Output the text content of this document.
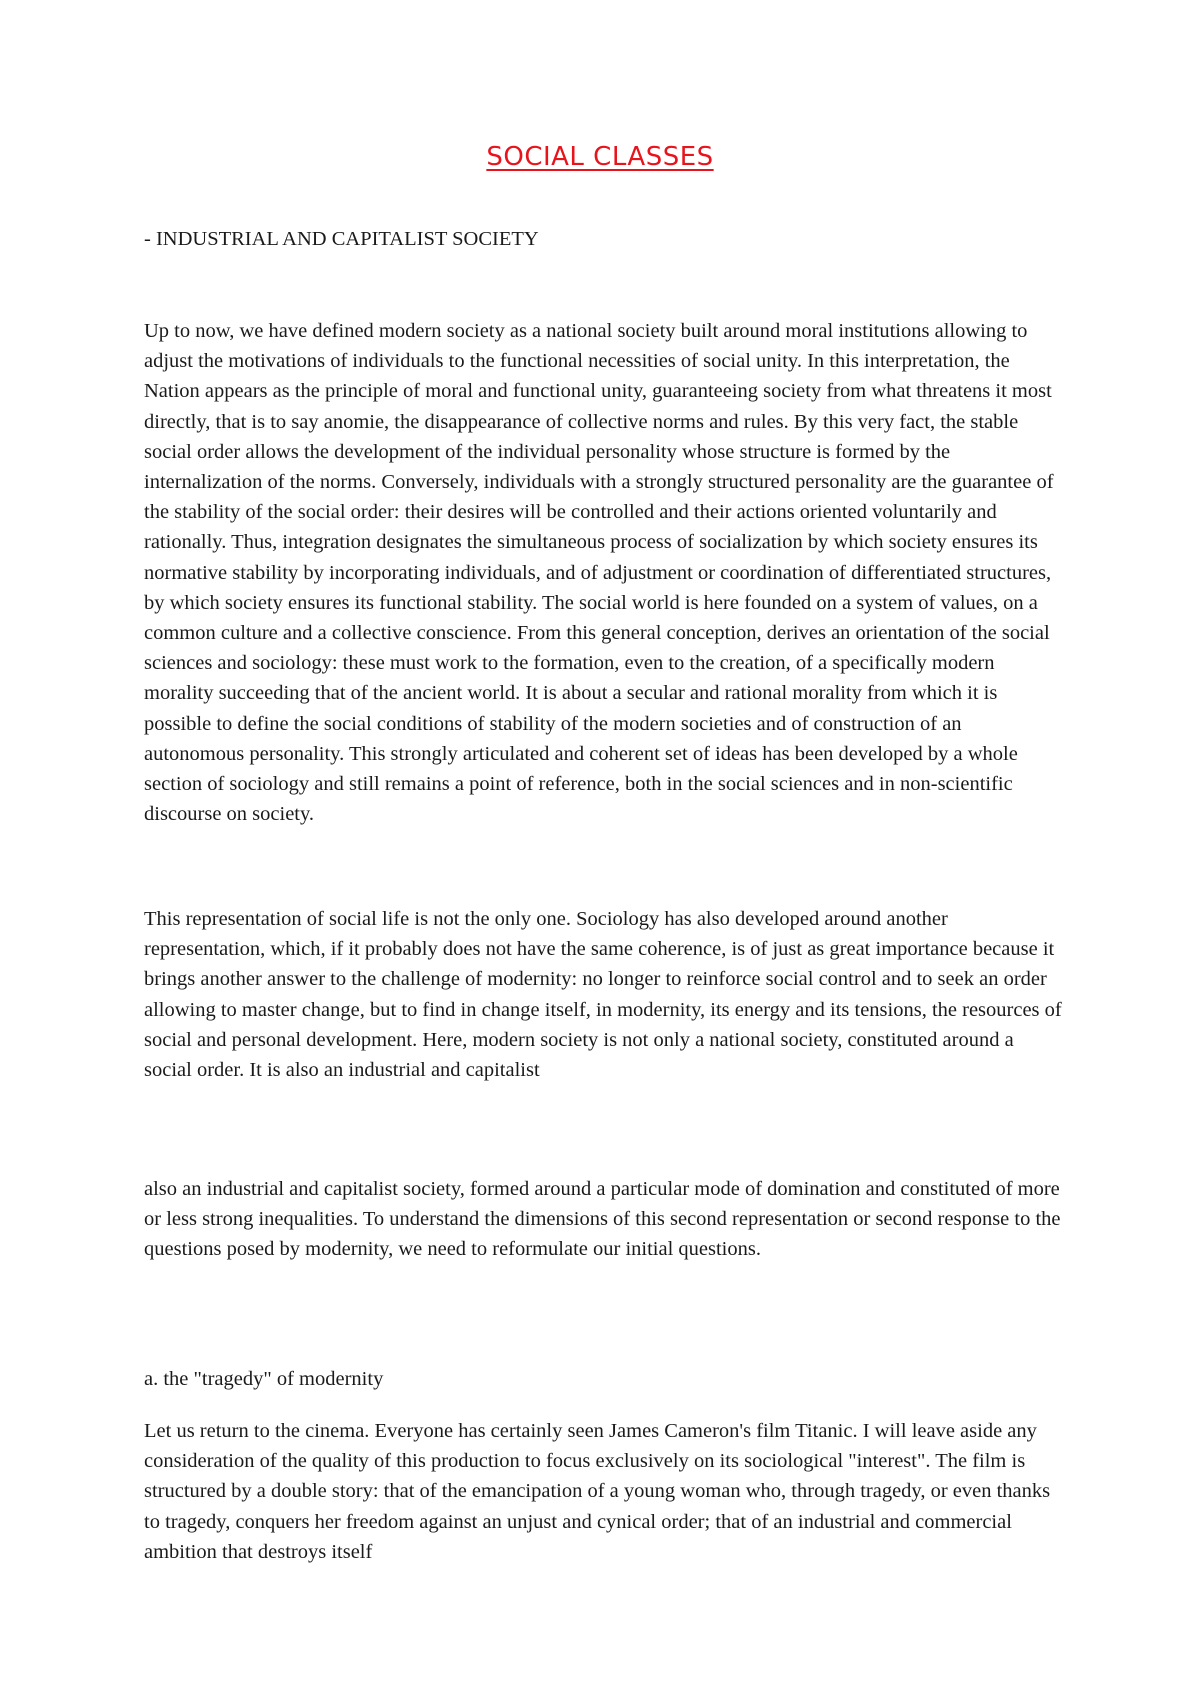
SOCIAL CLASSES

- INDUSTRIAL AND CAPITALIST SOCIETY

Up to now, we have defined modern society as a national society built around moral institutions allowing to adjust the motivations of individuals to the functional necessities of social unity. In this interpretation, the Nation appears as the principle of moral and functional unity, guaranteeing society from what threatens it most directly, that is to say anomie, the disappearance of collective norms and rules. By this very fact, the stable social order allows the development of the individual personality whose structure is formed by the internalization of the norms. Conversely, individuals with a strongly structured personality are the guarantee of the stability of the social order: their desires will be controlled and their actions oriented voluntarily and rationally. Thus, integration designates the simultaneous process of socialization by which society ensures its normative stability by incorporating individuals, and of adjustment or coordination of differentiated structures, by which society ensures its functional stability. The social world is here founded on a system of values, on a common culture and a collective conscience. From this general conception, derives an orientation of the social sciences and sociology: these must work to the formation, even to the creation, of a specifically modern morality succeeding that of the ancient world. It is about a secular and rational morality from which it is possible to define the social conditions of stability of the modern societies and of construction of an autonomous personality. This strongly articulated and coherent set of ideas has been developed by a whole section of sociology and still remains a point of reference, both in the social sciences and in non-scientific discourse on society.

This representation of social life is not the only one. Sociology has also developed around another representation, which, if it probably does not have the same coherence, is of just as great importance because it brings another answer to the challenge of modernity: no longer to reinforce social control and to seek an order allowing to master change, but to find in change itself, in modernity, its energy and its tensions, the resources of social and personal development. Here, modern society is not only a national society, constituted around a social order. It is also an industrial and capitalist

also an industrial and capitalist society, formed around a particular mode of domination and constituted of more or less strong inequalities. To understand the dimensions of this second representation or second response to the questions posed by modernity, we need to reformulate our initial questions.

a. the "tragedy" of modernity

Let us return to the cinema. Everyone has certainly seen James Cameron's film Titanic. I will leave aside any consideration of the quality of this production to focus exclusively on its sociological "interest". The film is structured by a double story: that of the emancipation of a young woman who, through tragedy, or even thanks to tragedy, conquers her freedom against an unjust and cynical order; that of an industrial and commercial ambition that destroys itself
